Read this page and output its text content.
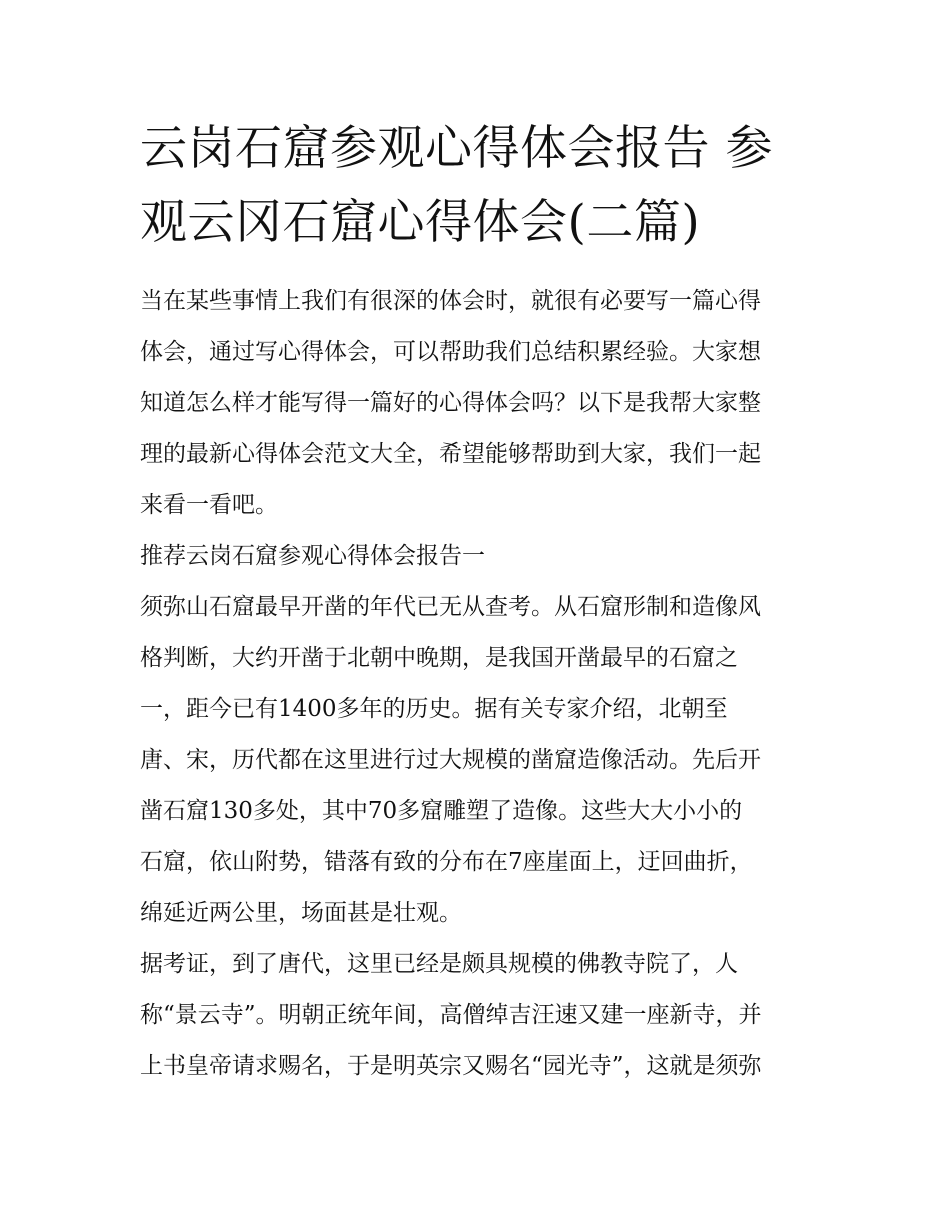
云岗石窟参观心得体会报告 参
观云冈石窟心得体会(二篇)
当在某些事情上我们有很深的体会时，就很有必要写一篇心得
体会，通过写心得体会，可以帮助我们总结积累经验。大家想
知道怎么样才能写得一篇好的心得体会吗？以下是我帮大家整
理的最新心得体会范文大全，希望能够帮助到大家，我们一起
来看一看吧。
推荐云岗石窟参观心得体会报告一
须弥山石窟最早开凿的年代已无从查考。从石窟形制和造像风
格判断，大约开凿于北朝中晚期，是我国开凿最早的石窟之
一，距今已有1400多年的历史。据有关专家介绍，北朝至
唐、宋，历代都在这里进行过大规模的凿窟造像活动。先后开
凿石窟130多处，其中70多窟雕塑了造像。这些大大小小的
石窟，依山附势，错落有致的分布在7座崖面上，迂回曲折，
绵延近两公里，场面甚是壮观。
据考证，到了唐代，这里已经是颇具规模的佛教寺院了，人
称“景云寺”。明朝正统年间，高僧绰吉汪速又建一座新寺，并
上书皇帝请求赐名，于是明英宗又赐名“园光寺”，这就是须弥
